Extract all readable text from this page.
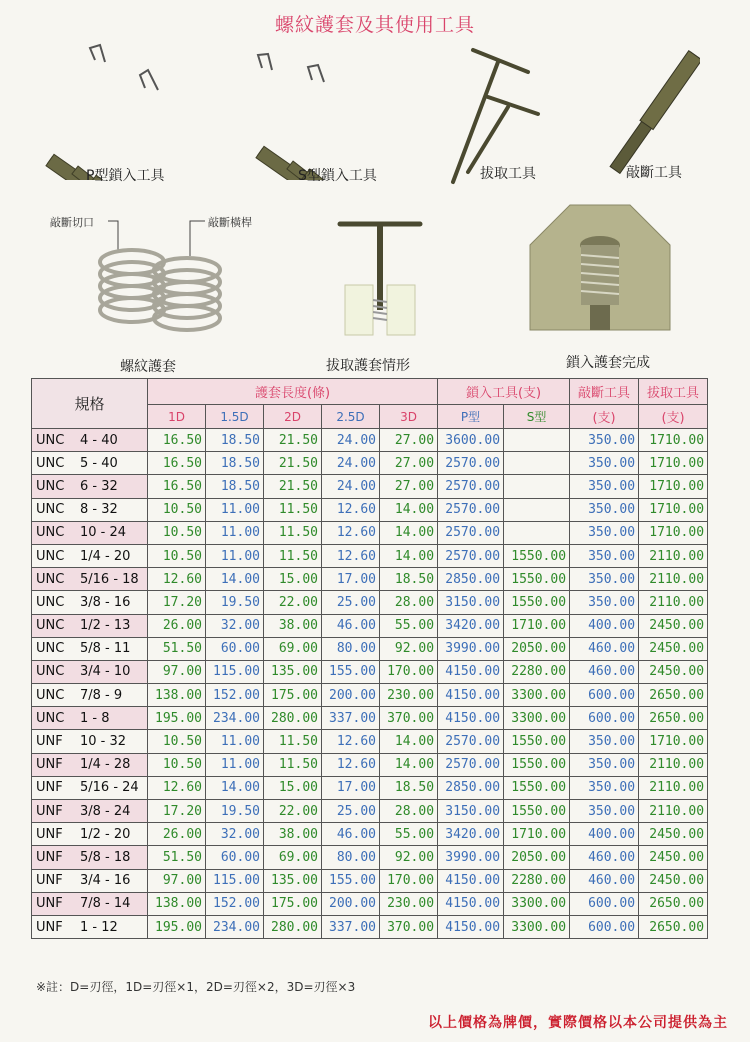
螺紋護套及其使用工具
P型鎖入工具	S型鎖入工具	拔取工具	敲斷工具
敲斷切口	敲斷橫桿
螺紋護套	拔取護套情形	鎖入護套完成
規格	護套長度(條)					鎖入工具(支)		敲斷工具	拔取工具
	1D	1.5D	2D	2.5D	3D	P型	S型	(支)	(支)
UNC 4 - 40	16.50	18.50	21.50	24.00	27.00	3600.00		350.00	1710.00
UNC 5 - 40	16.50	18.50	21.50	24.00	27.00	2570.00		350.00	1710.00
UNC 6 - 32	16.50	18.50	21.50	24.00	27.00	2570.00		350.00	1710.00
UNC 8 - 32	10.50	11.00	11.50	12.60	14.00	2570.00		350.00	1710.00
UNC 10 - 24	10.50	11.00	11.50	12.60	14.00	2570.00		350.00	1710.00
UNC 1/4 - 20	10.50	11.00	11.50	12.60	14.00	2570.00	1550.00	350.00	2110.00
UNC 5/16 - 18	12.60	14.00	15.00	17.00	18.50	2850.00	1550.00	350.00	2110.00
UNC 3/8 - 16	17.20	19.50	22.00	25.00	28.00	3150.00	1550.00	350.00	2110.00
UNC 1/2 - 13	26.00	32.00	38.00	46.00	55.00	3420.00	1710.00	400.00	2450.00
UNC 5/8 - 11	51.50	60.00	69.00	80.00	92.00	3990.00	2050.00	460.00	2450.00
UNC 3/4 - 10	97.00	115.00	135.00	155.00	170.00	4150.00	2280.00	460.00	2450.00
UNC 7/8 - 9	138.00	152.00	175.00	200.00	230.00	4150.00	3300.00	600.00	2650.00
UNC 1 - 8	195.00	234.00	280.00	337.00	370.00	4150.00	3300.00	600.00	2650.00
UNF 10 - 32	10.50	11.00	11.50	12.60	14.00	2570.00	1550.00	350.00	1710.00
UNF 1/4 - 28	10.50	11.00	11.50	12.60	14.00	2570.00	1550.00	350.00	2110.00
UNF 5/16 - 24	12.60	14.00	15.00	17.00	18.50	2850.00	1550.00	350.00	2110.00
UNF 3/8 - 24	17.20	19.50	22.00	25.00	28.00	3150.00	1550.00	350.00	2110.00
UNF 1/2 - 20	26.00	32.00	38.00	46.00	55.00	3420.00	1710.00	400.00	2450.00
UNF 5/8 - 18	51.50	60.00	69.00	80.00	92.00	3990.00	2050.00	460.00	2450.00
UNF 3/4 - 16	97.00	115.00	135.00	155.00	170.00	4150.00	2280.00	460.00	2450.00
UNF 7/8 - 14	138.00	152.00	175.00	200.00	230.00	4150.00	3300.00	600.00	2650.00
UNF 1 - 12	195.00	234.00	280.00	337.00	370.00	4150.00	3300.00	600.00	2650.00
※註：D=刃徑，1D=刃徑×1，2D=刃徑×2，3D=刃徑×3
以上價格為牌價，實際價格以本公司提供為主
